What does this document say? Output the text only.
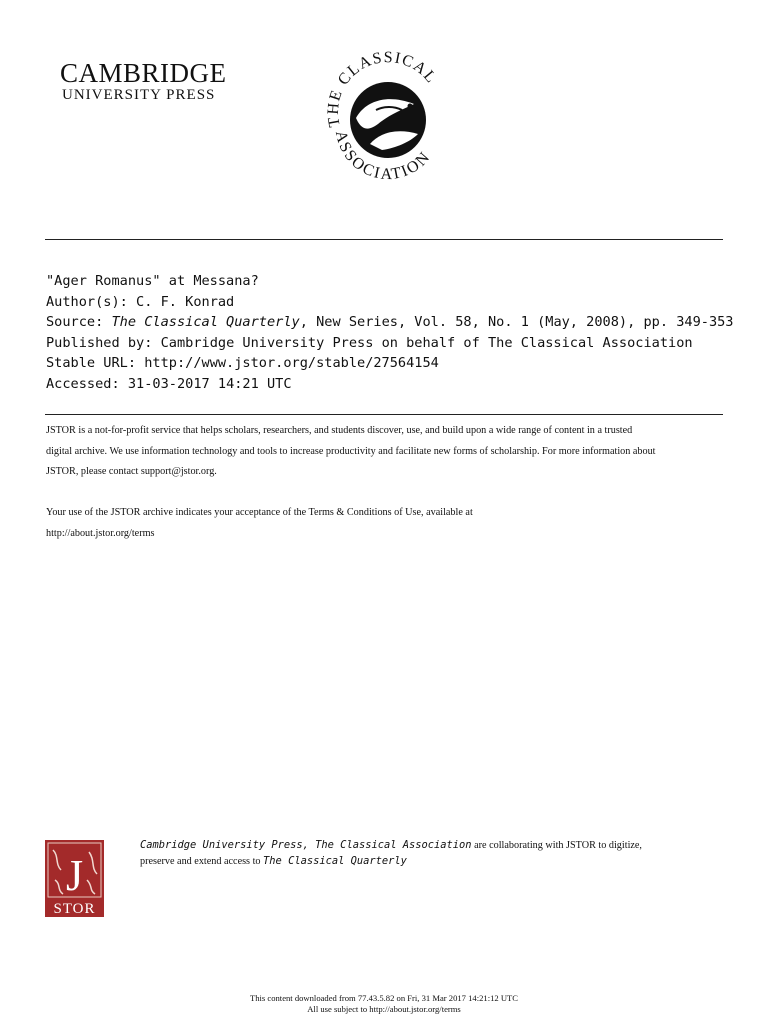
CAMBRIDGE
UNIVERSITY PRESS
THE CLASSICAL
ASSOCIATION
"Ager Romanus" at Messana?
Author(s): C. F. Konrad
Source: The Classical Quarterly, New Series, Vol. 58, No. 1 (May, 2008), pp. 349-353
Published by: Cambridge University Press on behalf of The Classical Association
Stable URL: http://www.jstor.org/stable/27564154
Accessed: 31-03-2017 14:21 UTC
JSTOR is a not-for-profit service that helps scholars, researchers, and students discover, use, and build upon a wide range of content in a trusted
digital archive. We use information technology and tools to increase productivity and facilitate new forms of scholarship. For more information about
JSTOR, please contact support@jstor.org.
Your use of the JSTOR archive indicates your acceptance of the Terms & Conditions of Use, available at
http://about.jstor.org/terms
J
STOR
Cambridge University Press, The Classical Association are collaborating with JSTOR to digitize,
preserve and extend access to The Classical Quarterly
This content downloaded from 77.43.5.82 on Fri, 31 Mar 2017 14:21:12 UTC
All use subject to http://about.jstor.org/terms
